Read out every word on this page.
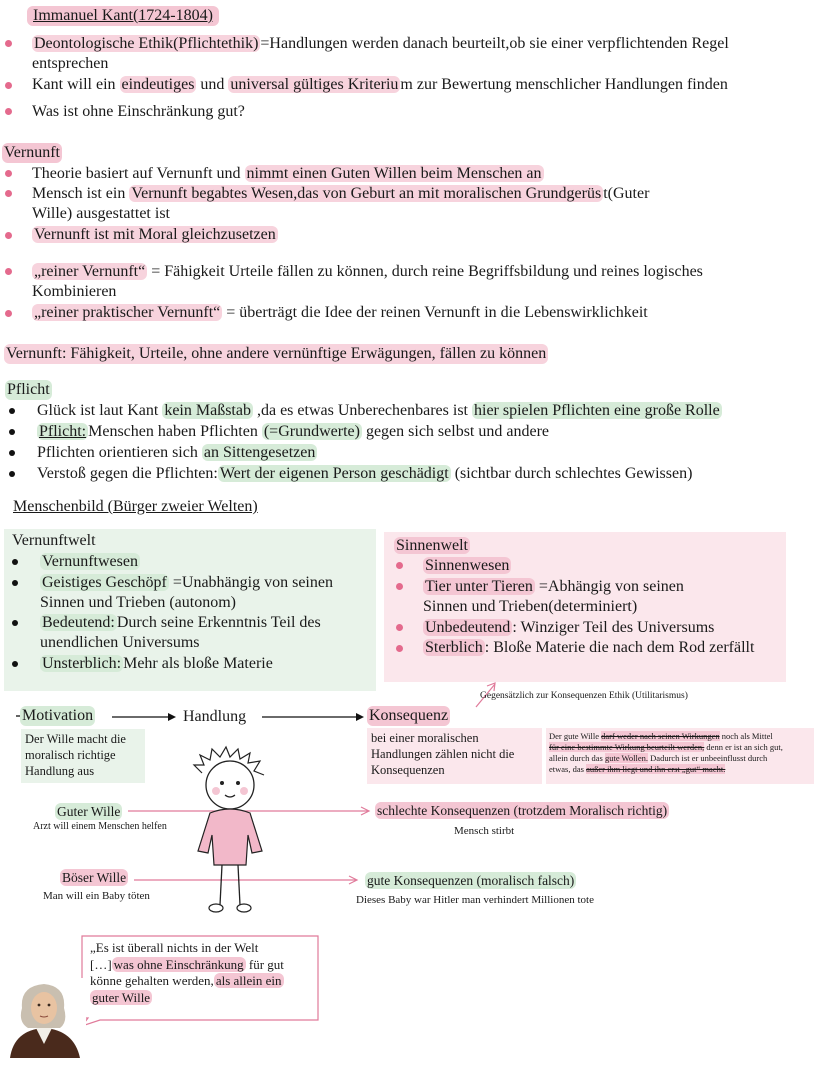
Immanuel Kant(1724-1804)
Deontologische Ethik(Pflichtethik) =Handlungen werden danach beurteilt,ob sie einer verpflichtenden Regel
entsprechen
Kant will ein eindeutiges und universal gültiges Kriteriu m zur Bewertung menschlicher Handlungen finden
Was ist ohne Einschränkung gut?
Vernunft
Theorie basiert auf Vernunft und nimmt einen Guten Willen beim Menschen an
Mensch ist ein Vernunft begabtes Wesen,das von Geburt an mit moralischen Grundgerüs t(Guter
Wille) ausgestattet ist
Vernunft ist mit Moral gleichzusetzen
„reiner Vernunft“ = Fähigkeit Urteile fällen zu können, durch reine Begriffsbildung und reines logisches
Kombinieren
„reiner praktischer Vernunft“ = überträgt die Idee der reinen Vernunft in die Lebenswirklichkeit
Vernunft: Fähigkeit, Urteile, ohne andere vernünftige Erwägungen, fällen zu können
Pflicht
Glück ist laut Kant kein Maßstab ,da es etwas Unberechenbares ist hier spielen Pflichten eine große Rolle
Pflicht: Menschen haben Pflichten (=Grundwerte) gegen sich selbst und andere
Pflichten orientieren sich an Sittengesetzen
Verstoß gegen die Pflichten: Wert der eigenen Person geschädigt (sichtbar durch schlechtes Gewissen)
Menschenbild (Bürger zweier Welten)
Vernunftwelt
Vernunftwesen
Geistiges Geschöpf =Unabhängig von seinen
Sinnen und Trieben (autonom)
Bedeutend: Durch seine Erkenntnis Teil des
unendlichen Universums
Unsterblich: Mehr als bloße Materie
Sinnenwelt
Sinnenwesen
Tier unter Tieren =Abhängig von seinen
Sinnen und Trieben(determiniert)
Unbedeutend : Winziger Teil des Universums
Sterblich : Bloße Materie die nach dem Rod zerfällt
Motivation	Handlung	Konsequenz
Gegensätzlich zur Konsequenzen Ethik (Utilitarismus)
Der Wille macht die
moralisch richtige
Handlung aus
bei einer moralischen
Handlungen zählen nicht die
Konsequenzen
Der gute Wille darf weder nach seinen Wirkungen noch als Mittel
für eine bestimmte Wirkung beurteilt werden, denn er ist an sich gut,
allein durch das gute Wollen. Dadurch ist er unbeeinflusst durch
etwas, das außer ihm liegt und ihn erst „gut“ macht.
Guter Wille
Arzt will einem Menschen helfen
schlechte Konsequenzen (trotzdem Moralisch richtig)
Mensch stirbt
Böser Wille
Man will ein Baby töten
gute Konsequenzen (moralisch falsch)
Dieses Baby war Hitler man verhindert Millionen tote
„Es ist überall nichts in der Welt
[…] was ohne Einschränkung für gut
könne gehalten werden, als allein ein
guter Wille
